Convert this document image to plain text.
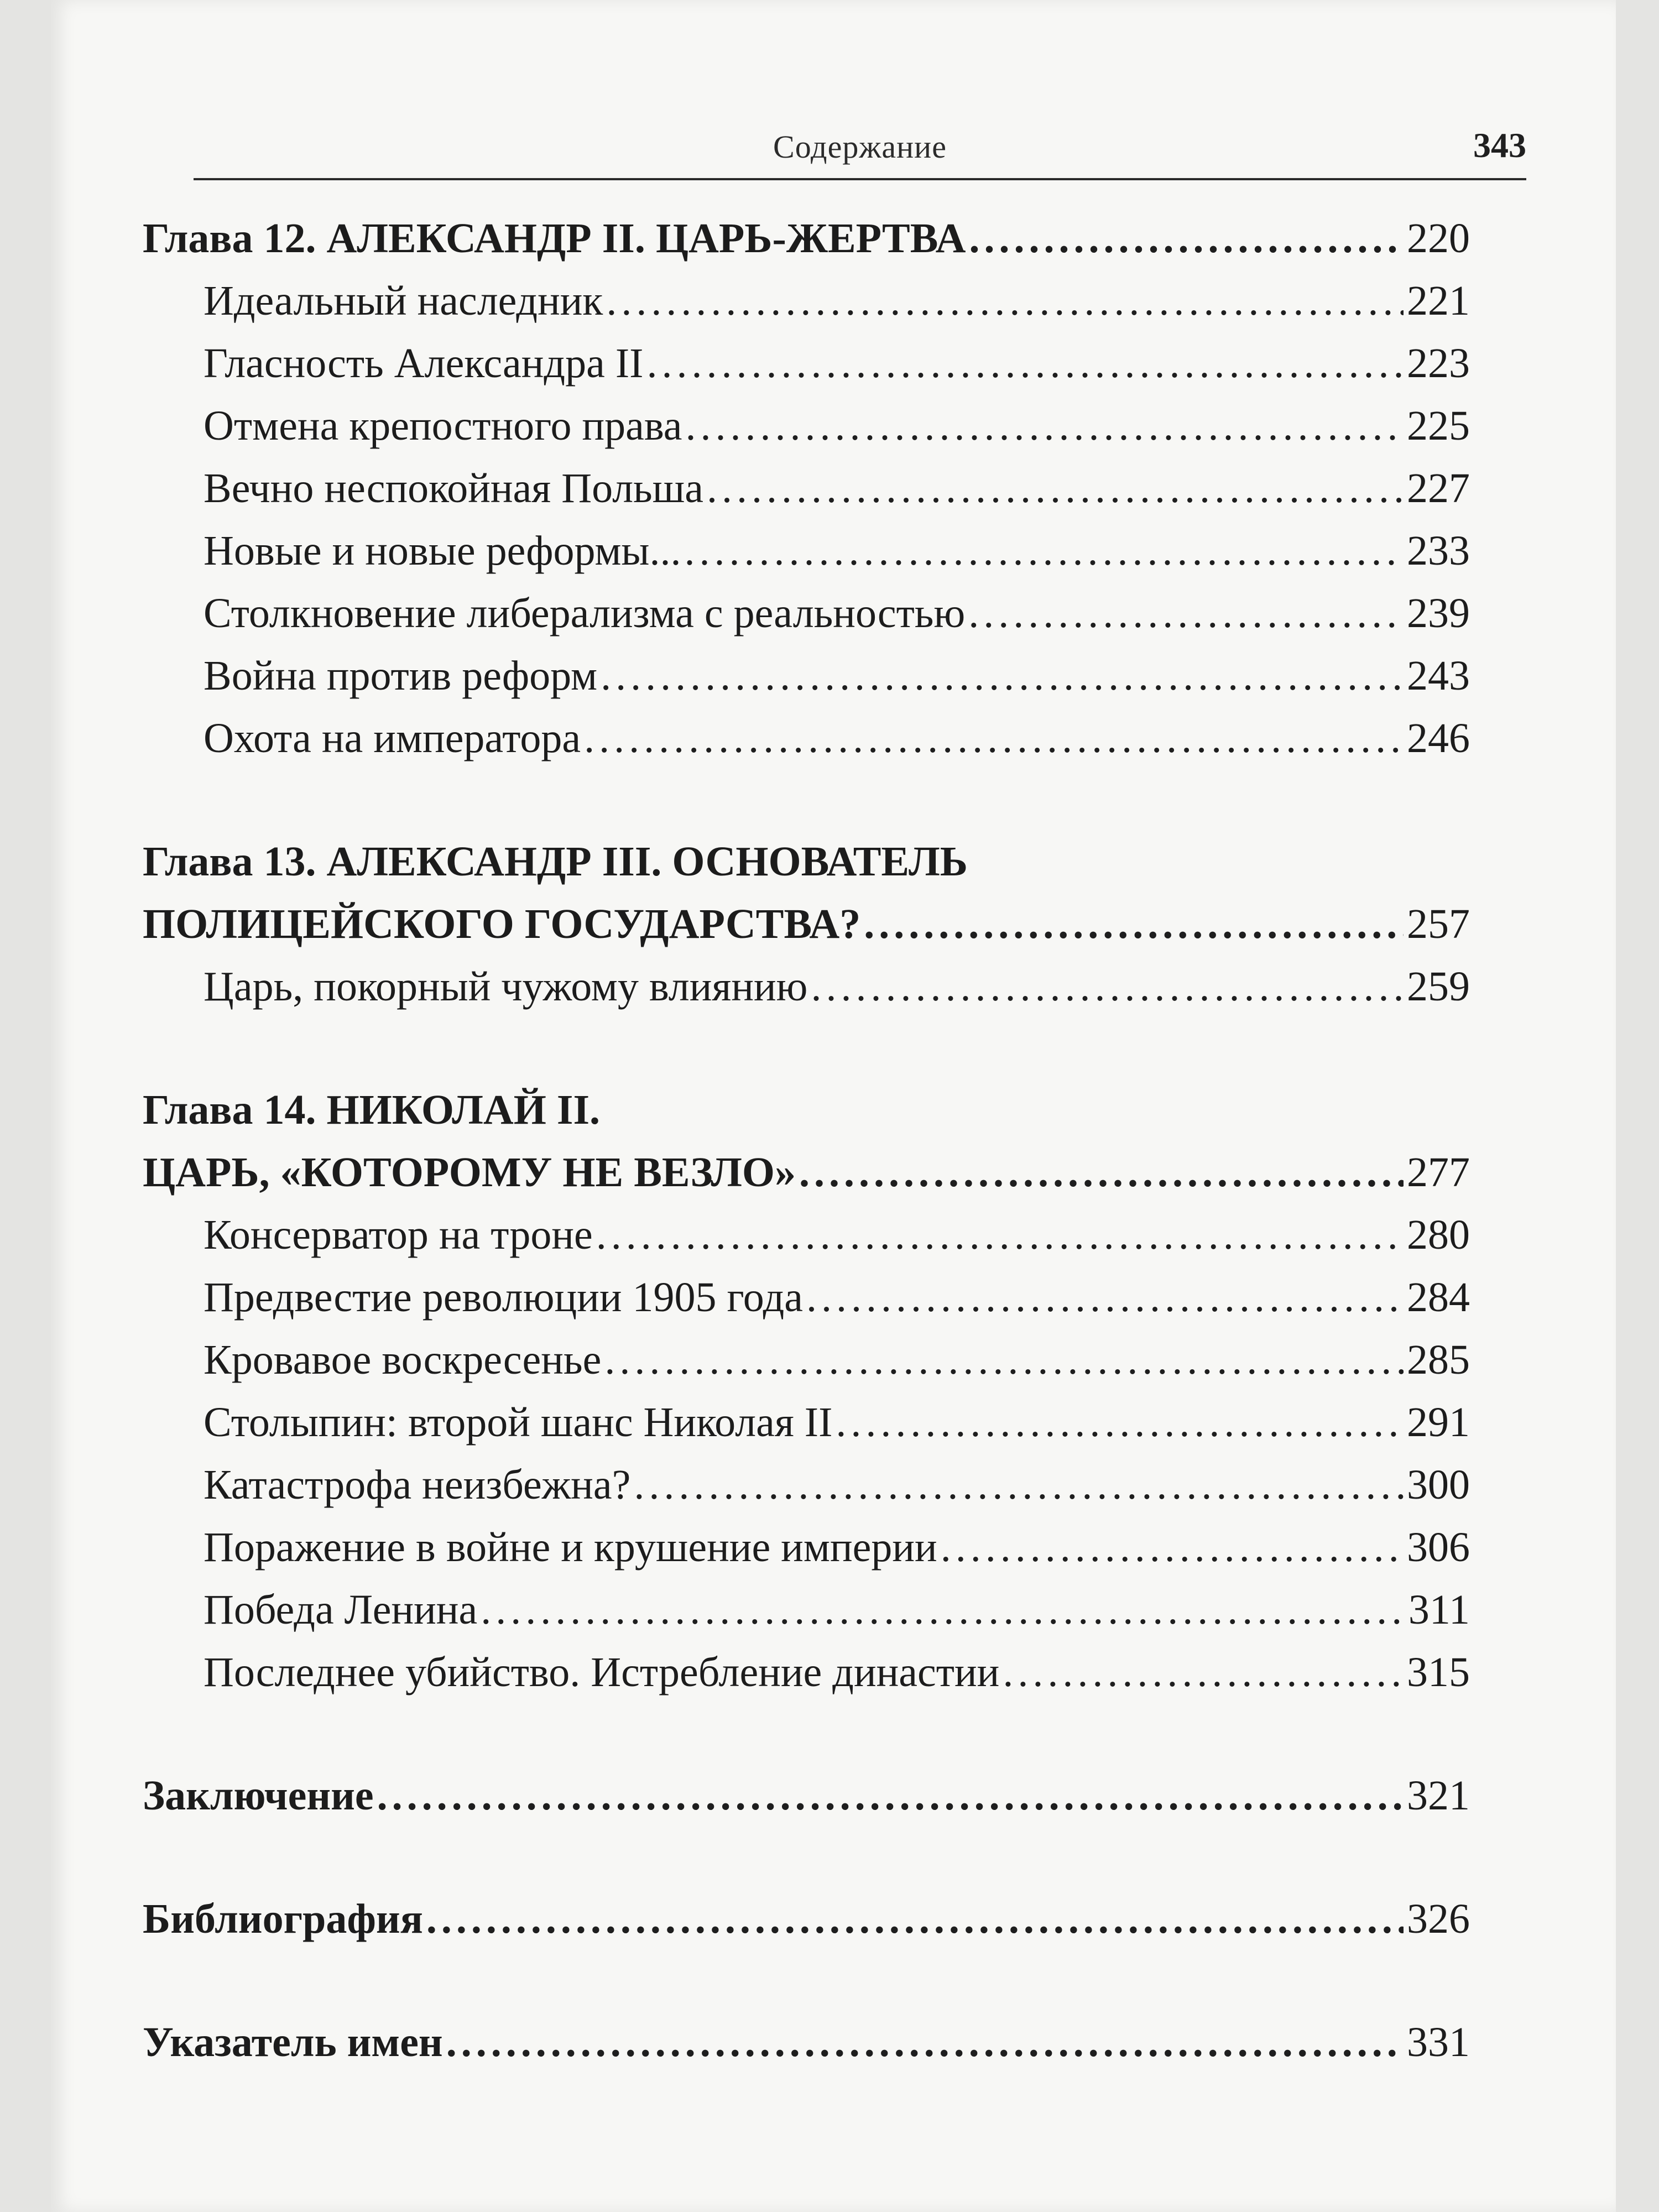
Содержание	343
Глава 12. АЛЕКСАНДР II. ЦАРЬ-ЖЕРТВА .....	220
Идеальный наследник .....	221
Гласность Александра II .....	223
Отмена крепостного права .....	225
Вечно неспокойная Польша .....	227
Новые и новые реформы... .....	233
Столкновение либерализма с реальностью .....	239
Война против реформ .....	243
Охота на императора .....	246
Глава 13. АЛЕКСАНДР III. ОСНОВАТЕЛЬ
ПОЛИЦЕЙСКОГО ГОСУДАРСТВА? .....	257
Царь, покорный чужому влиянию .....	259
Глава 14. НИКОЛАЙ II.
ЦАРЬ, «КОТОРОМУ НЕ ВЕЗЛО» .....	277
Консерватор на троне .....	280
Предвестие революции 1905 года .....	284
Кровавое воскресенье .....	285
Столыпин: второй шанс Николая II .....	291
Катастрофа неизбежна? .....	300
Поражение в войне и крушение империи .....	306
Победа Ленина .....	311
Последнее убийство. Истребление династии .....	315
Заключение .....	321
Библиография .....	326
Указатель имен .....	331
